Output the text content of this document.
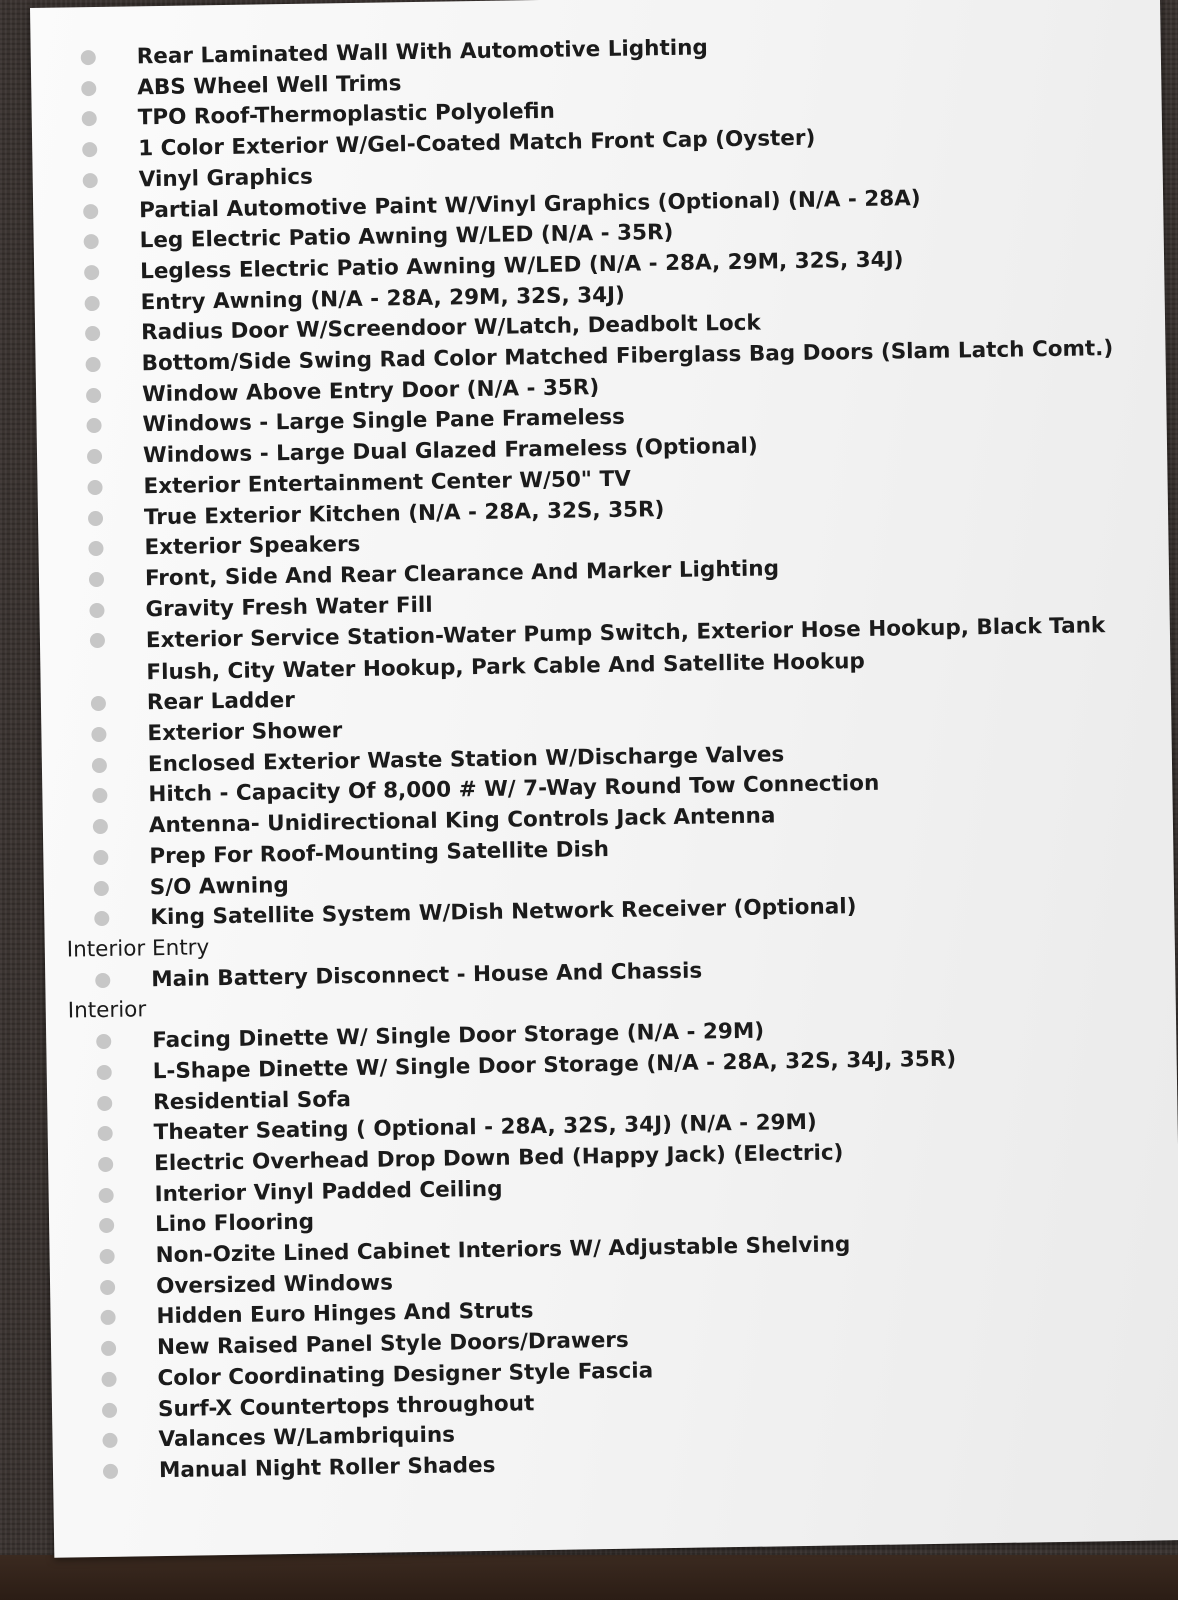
Rear Laminated Wall With Automotive Lighting
ABS Wheel Well Trims
TPO Roof-Thermoplastic Polyolefin
1 Color Exterior W/Gel-Coated Match Front Cap (Oyster)
Vinyl Graphics
Partial Automotive Paint W/Vinyl Graphics (Optional) (N/A - 28A)
Leg Electric Patio Awning W/LED (N/A - 35R)
Legless Electric Patio Awning W/LED (N/A - 28A, 29M, 32S, 34J)
Entry Awning (N/A - 28A, 29M, 32S, 34J)
Radius Door W/Screendoor W/Latch, Deadbolt Lock
Bottom/Side Swing Rad Color Matched Fiberglass Bag Doors (Slam Latch Comt.)
Window Above Entry Door (N/A - 35R)
Windows - Large Single Pane Frameless
Windows - Large Dual Glazed Frameless (Optional)
Exterior Entertainment Center W/50" TV
True Exterior Kitchen (N/A - 28A, 32S, 35R)
Exterior Speakers
Front, Side And Rear Clearance And Marker Lighting
Gravity Fresh Water Fill
Exterior Service Station-Water Pump Switch, Exterior Hose Hookup, Black Tank Flush, City Water Hookup, Park Cable And Satellite Hookup
Rear Ladder
Exterior Shower
Enclosed Exterior Waste Station W/Discharge Valves
Hitch - Capacity Of 8,000 # W/ 7-Way Round Tow Connection
Antenna- Unidirectional King Controls Jack Antenna
Prep For Roof-Mounting Satellite Dish
S/O Awning
King Satellite System W/Dish Network Receiver (Optional)
Interior Entry
Main Battery Disconnect - House And Chassis
Interior
Facing Dinette W/ Single Door Storage (N/A - 29M)
L-Shape Dinette W/ Single Door Storage (N/A - 28A, 32S, 34J, 35R)
Residential Sofa
Theater Seating ( Optional - 28A, 32S, 34J) (N/A - 29M)
Electric Overhead Drop Down Bed (Happy Jack) (Electric)
Interior Vinyl Padded Ceiling
Lino Flooring
Non-Ozite Lined Cabinet Interiors W/ Adjustable Shelving
Oversized Windows
Hidden Euro Hinges And Struts
New Raised Panel Style Doors/Drawers
Color Coordinating Designer Style Fascia
Surf-X Countertops throughout
Valances W/Lambriquins
Manual Night Roller Shades
